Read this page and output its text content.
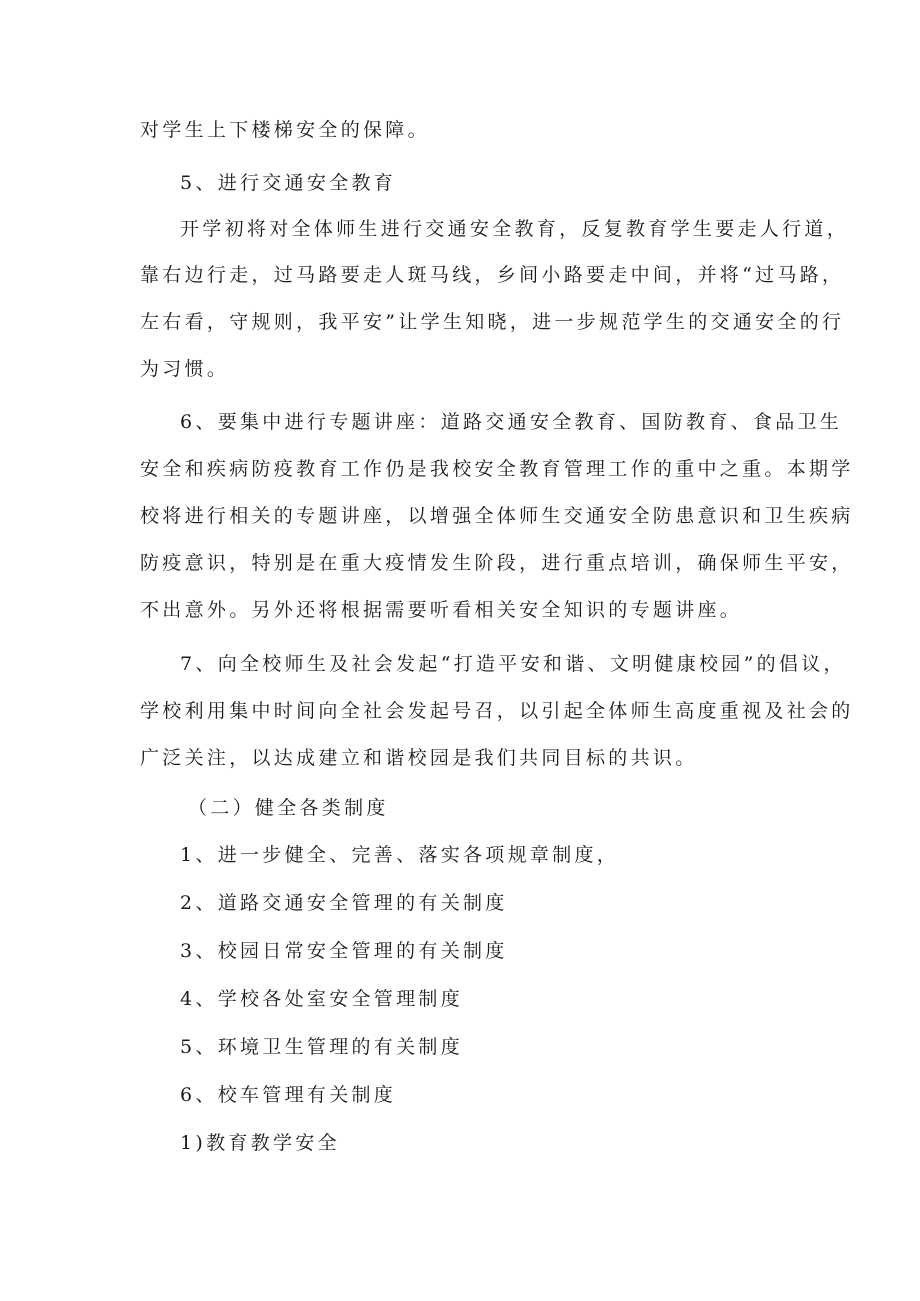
对学生上下楼梯安全的保障。
5、进行交通安全教育
开学初将对全体师生进行交通安全教育，反复教育学生要走人行道，
靠右边行走，过马路要走人斑马线，乡间小路要走中间，并将“过马路，
左右看，守规则，我平安”让学生知晓，进一步规范学生的交通安全的行
为习惯。
6、要集中进行专题讲座：道路交通安全教育、国防教育、食品卫生
安全和疾病防疫教育工作仍是我校安全教育管理工作的重中之重。本期学
校将进行相关的专题讲座，以增强全体师生交通安全防患意识和卫生疾病
防疫意识，特别是在重大疫情发生阶段，进行重点培训，确保师生平安，
不出意外。另外还将根据需要听看相关安全知识的专题讲座。
7、向全校师生及社会发起“打造平安和谐、文明健康校园”的倡议，
学校利用集中时间向全社会发起号召，以引起全体师生高度重视及社会的
广泛关注，以达成建立和谐校园是我们共同目标的共识。
（二）健全各类制度
1、进一步健全、完善、落实各项规章制度，
2、道路交通安全管理的有关制度
3、校园日常安全管理的有关制度
4、学校各处室安全管理制度
5、环境卫生管理的有关制度
6、校车管理有关制度
1)教育教学安全
